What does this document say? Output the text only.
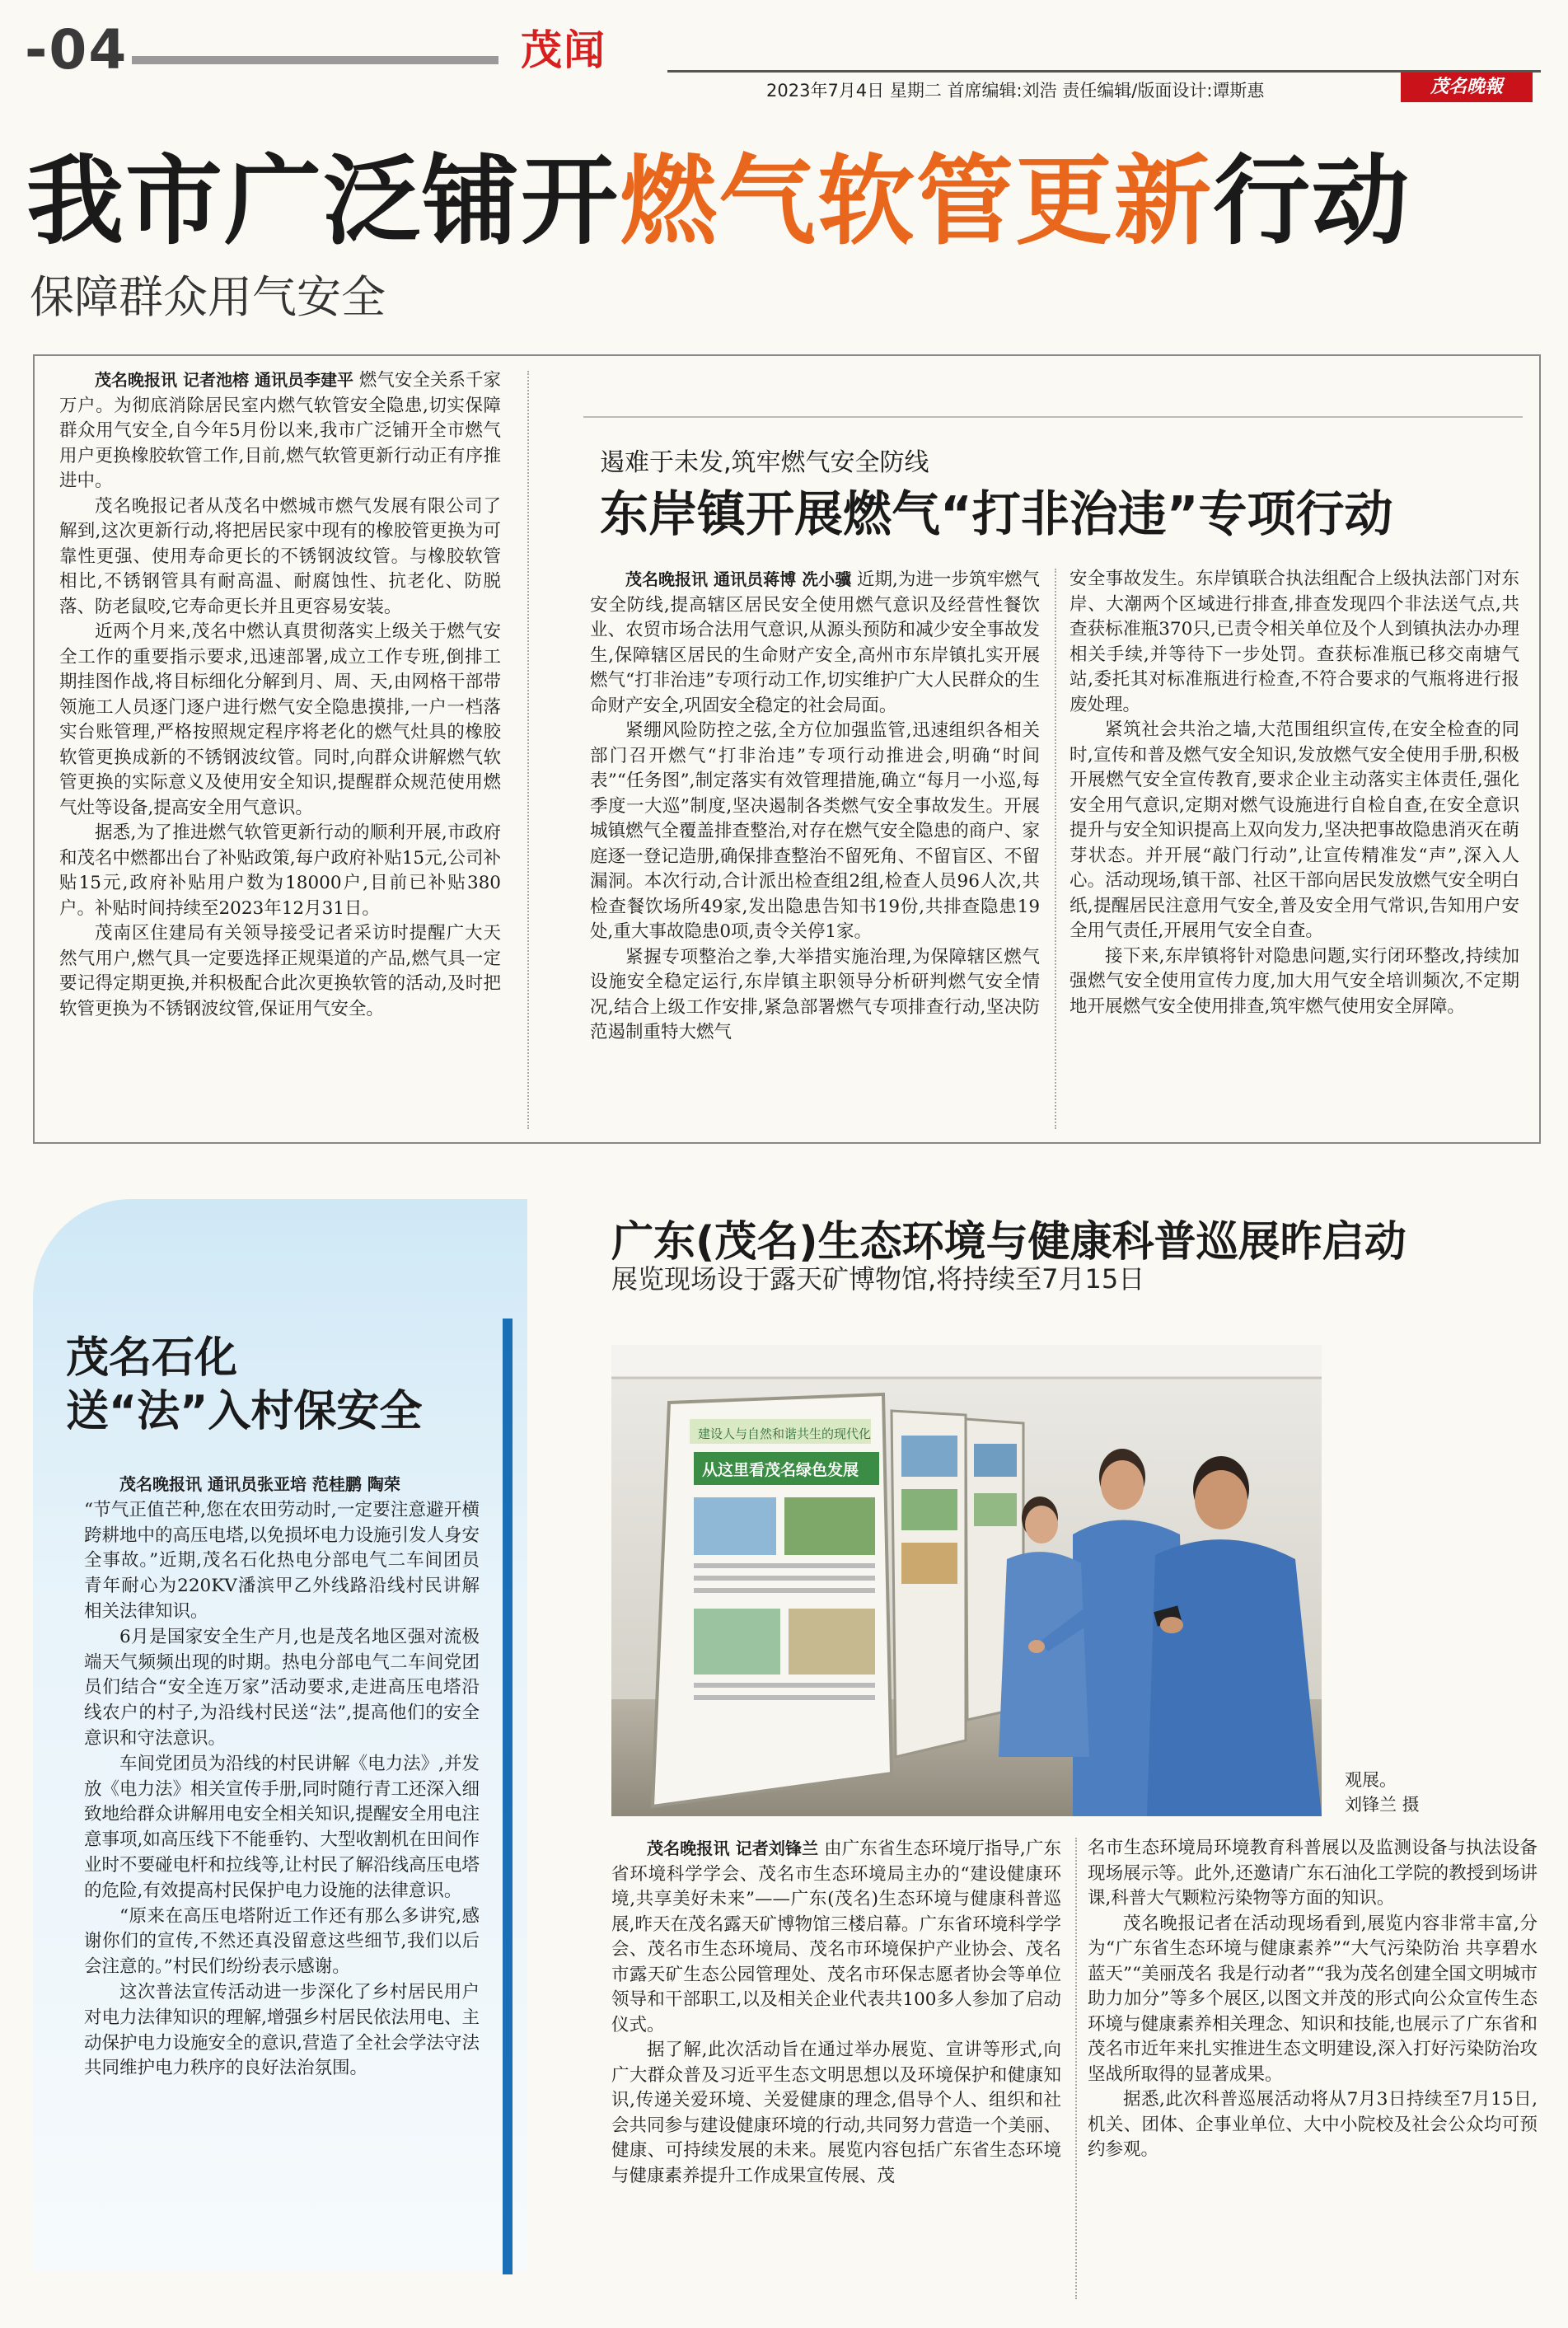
-04	茂闻
2023年7月4日 星期二 首席编辑:刘浩 责任编辑/版面设计:谭斯惠	茂名晚報
我市广泛铺开燃气软管更新行动
保障群众用气安全

茂名晚报讯 记者池榕 通讯员李建平 燃气安全关系千家万户。为彻底消除居民室内燃气软管安全隐患,切实保障群众用气安全,自今年5月份以来,我市广泛铺开全市燃气用户更换橡胶软管工作,目前,燃气软管更新行动正有序推进中。

茂名晚报记者从茂名中燃城市燃气发展有限公司了解到,这次更新行动,将把居民家中现有的橡胶管更换为可靠性更强、使用寿命更长的不锈钢波纹管。与橡胶软管相比,不锈钢管具有耐高温、耐腐蚀性、抗老化、防脱落、防老鼠咬,它寿命更长并且更容易安装。

近两个月来,茂名中燃认真贯彻落实上级关于燃气安全工作的重要指示要求,迅速部署,成立工作专班,倒排工期挂图作战,将目标细化分解到月、周、天,由网格干部带领施工人员逐门逐户进行燃气安全隐患摸排,一户一档落实台账管理,严格按照规定程序将老化的燃气灶具的橡胶软管更换成新的不锈钢波纹管。同时,向群众讲解燃气软管更换的实际意义及使用安全知识,提醒群众规范使用燃气灶等设备,提高安全用气意识。

据悉,为了推进燃气软管更新行动的顺利开展,市政府和茂名中燃都出台了补贴政策,每户政府补贴15元,公司补贴15元,政府补贴用户数为18000户,目前已补贴380户。补贴时间持续至2023年12月31日。

茂南区住建局有关领导接受记者采访时提醒广大天然气用户,燃气具一定要选择正规渠道的产品,燃气具一定要记得定期更换,并积极配合此次更换软管的活动,及时把软管更换为不锈钢波纹管,保证用气安全。

遏难于未发,筑牢燃气安全防线
东岸镇开展燃气“打非治违”专项行动

茂名晚报讯 通讯员蒋博 冼小骥 近期,为进一步筑牢燃气安全防线,提高辖区居民安全使用燃气意识及经营性餐饮业、农贸市场合法用气意识,从源头预防和减少安全事故发生,保障辖区居民的生命财产安全,高州市东岸镇扎实开展燃气“打非治违”专项行动工作,切实维护广大人民群众的生命财产安全,巩固安全稳定的社会局面。

紧绷风险防控之弦,全方位加强监管,迅速组织各相关部门召开燃气“打非治违”专项行动推进会,明确“时间表”“任务图”,制定落实有效管理措施,确立“每月一小巡,每季度一大巡”制度,坚决遏制各类燃气安全事故发生。开展城镇燃气全覆盖排查整治,对存在燃气安全隐患的商户、家庭逐一登记造册,确保排查整治不留死角、不留盲区、不留漏洞。本次行动,合计派出检查组2组,检查人员96人次,共检查餐饮场所49家,发出隐患告知书19份,共排查隐患19处,重大事故隐患0项,责令关停1家。

紧握专项整治之拳,大举措实施治理,为保障辖区燃气设施安全稳定运行,东岸镇主职领导分析研判燃气安全情况,结合上级工作安排,紧急部署燃气专项排查行动,坚决防范遏制重特大燃气

安全事故发生。东岸镇联合执法组配合上级执法部门对东岸、大潮两个区域进行排查,排查发现四个非法送气点,共查获标准瓶370只,已责令相关单位及个人到镇执法办办理相关手续,并等待下一步处罚。查获标准瓶已移交南塘气站,委托其对标准瓶进行检查,不符合要求的气瓶将进行报废处理。

紧筑社会共治之墙,大范围组织宣传,在安全检查的同时,宣传和普及燃气安全知识,发放燃气安全使用手册,积极开展燃气安全宣传教育,要求企业主动落实主体责任,强化安全用气意识,定期对燃气设施进行自检自查,在安全意识提升与安全知识提高上双向发力,坚决把事故隐患消灭在萌芽状态。并开展“敲门行动”,让宣传精准发“声”,深入人心。活动现场,镇干部、社区干部向居民发放燃气安全明白纸,提醒居民注意用气安全,普及安全用气常识,告知用户安全用气责任,开展用气安全自查。

接下来,东岸镇将针对隐患问题,实行闭环整改,持续加强燃气安全使用宣传力度,加大用气安全培训频次,不定期地开展燃气安全使用排查,筑牢燃气使用安全屏障。

茂名石化
送“法”入村保安全

茂名晚报讯 通讯员张亚培 范桂鹏 陶荣

“节气正值芒种,您在农田劳动时,一定要注意避开横跨耕地中的高压电塔,以免损坏电力设施引发人身安全事故。”近期,茂名石化热电分部电气二车间团员青年耐心为220KV潘滨甲乙外线路沿线村民讲解相关法律知识。

6月是国家安全生产月,也是茂名地区强对流极端天气频频出现的时期。热电分部电气二车间党团员们结合“安全连万家”活动要求,走进高压电塔沿线农户的村子,为沿线村民送“法”,提高他们的安全意识和守法意识。

车间党团员为沿线的村民讲解《电力法》,并发放《电力法》相关宣传手册,同时随行青工还深入细致地给群众讲解用电安全相关知识,提醒安全用电注意事项,如高压线下不能垂钓、大型收割机在田间作业时不要碰电杆和拉线等,让村民了解沿线高压电塔的危险,有效提高村民保护电力设施的法律意识。

“原来在高压电塔附近工作还有那么多讲究,感谢你们的宣传,不然还真没留意这些细节,我们以后会注意的。”村民们纷纷表示感谢。

这次普法宣传活动进一步深化了乡村居民用户对电力法律知识的理解,增强乡村居民依法用电、主动保护电力设施安全的意识,营造了全社会学法守法共同维护电力秩序的良好法治氛围。

广东(茂名)生态环境与健康科普巡展昨启动
展览现场设于露天矿博物馆,将持续至7月15日
建设人与自然和谐共生的现代化
从这里看茂名绿色发展
观展。
刘锋兰 摄

茂名晚报讯 记者刘锋兰 由广东省生态环境厅指导,广东省环境科学学会、茂名市生态环境局主办的“建设健康环境,共享美好未来”——广东(茂名)生态环境与健康科普巡展,昨天在茂名露天矿博物馆三楼启幕。广东省环境科学学会、茂名市生态环境局、茂名市环境保护产业协会、茂名市露天矿生态公园管理处、茂名市环保志愿者协会等单位领导和干部职工,以及相关企业代表共100多人参加了启动仪式。

据了解,此次活动旨在通过举办展览、宣讲等形式,向广大群众普及习近平生态文明思想以及环境保护和健康知识,传递关爱环境、关爱健康的理念,倡导个人、组织和社会共同参与建设健康环境的行动,共同努力营造一个美丽、健康、可持续发展的未来。展览内容包括广东省生态环境与健康素养提升工作成果宣传展、茂

名市生态环境局环境教育科普展以及监测设备与执法设备现场展示等。此外,还邀请广东石油化工学院的教授到场讲课,科普大气颗粒污染物等方面的知识。

茂名晚报记者在活动现场看到,展览内容非常丰富,分为“广东省生态环境与健康素养”“大气污染防治 共享碧水蓝天”“美丽茂名 我是行动者”“我为茂名创建全国文明城市助力加分”等多个展区,以图文并茂的形式向公众宣传生态环境与健康素养相关理念、知识和技能,也展示了广东省和茂名市近年来扎实推进生态文明建设,深入打好污染防治攻坚战所取得的显著成果。

据悉,此次科普巡展活动将从7月3日持续至7月15日,机关、团体、企事业单位、大中小院校及社会公众均可预约参观。
